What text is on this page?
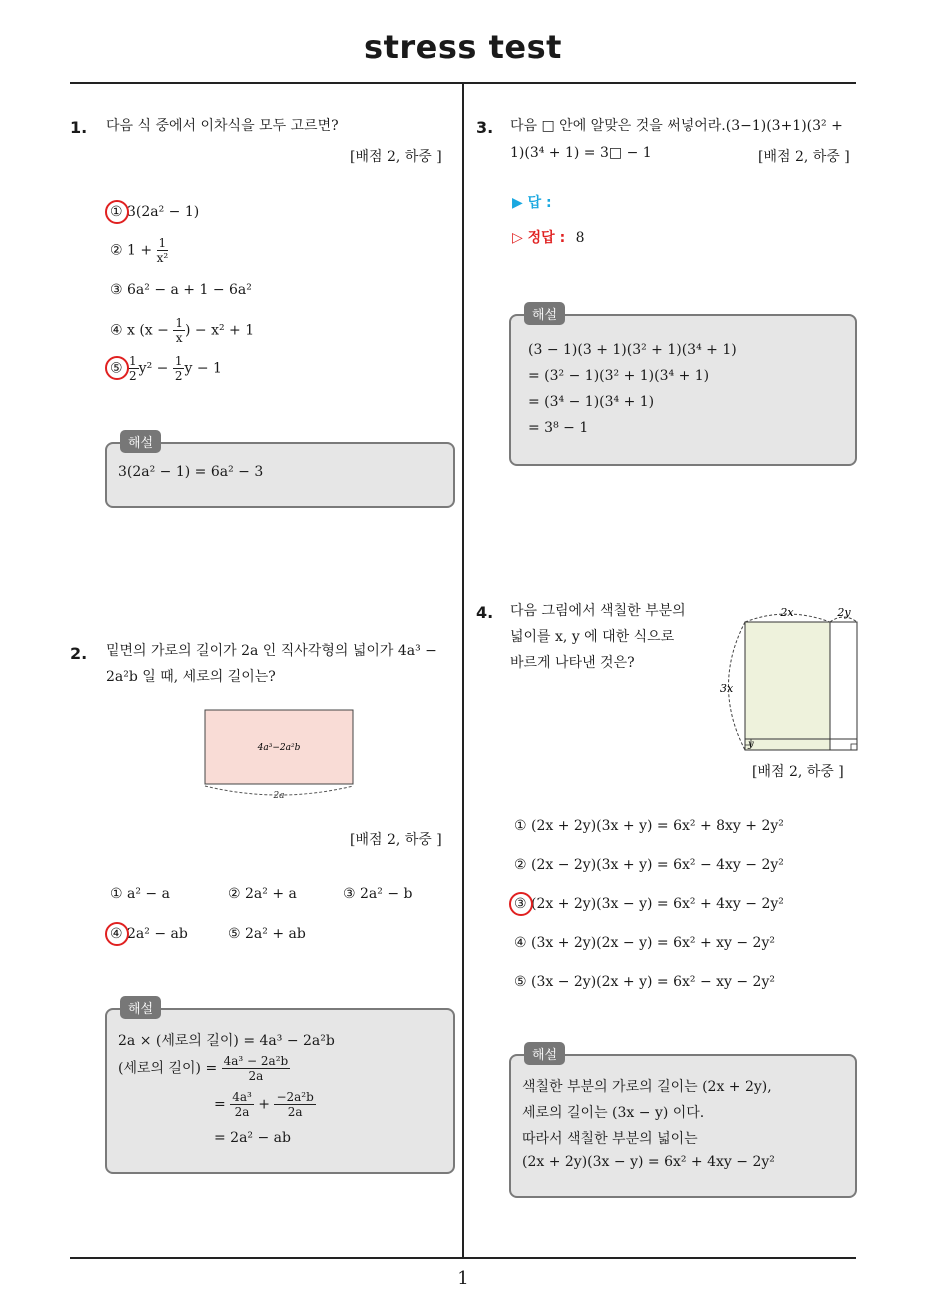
stress test
1
1. 다음 식 중에서 이차식을 모두 고르면?
[배점 2, 하중 ]
① 3(2a² − 1)
② $1 + \frac{1}{\text{x²}}$
③ 6a² − a + 1 − 6a²
④ x ($x - \frac{1}{x}$ ) − x² + 1
⑤ $\frac{1}{2} y^2 - \frac{1}{2}$ y − 1
해설
3(2a² − 1) = 6a² − 3
2. 밑면의 가로의 길이가 2a 인 직사각형의 넓이가 4a³ −
2a²b 일 때, 세로의 길이는?
4a³−2a²b
2a
[배점 2, 하중 ]
① a² − a	② 2a² + a	③ 2a² − b
④ 2a² − ab	⑤ 2a² + ab
해설
2a × (세로의 길이) = 4a³ − 2a²b
(세로의 길이) = $\frac{\text{4a³ − 2a²b}}{2a}$
= $\frac{\text{4a³}}{2a} + \frac{\text{−2a²b}}{2a}$
= 2a² − ab
3. 다음 □ 안에 알맞은 것을 써넣어라.(3−1)(3+1)(3² +
1)(3⁴ + 1) = 3□ − 1	[배점 2, 하중 ]
▶ 답 :
▷ 정답 : 8
해설
(3 − 1)(3 + 1)(3² + 1)(3⁴ + 1)
= (3² − 1)(3² + 1)(3⁴ + 1)
= (3⁴ − 1)(3⁴ + 1)
= 3⁸ − 1
4. 다음 그림에서 색칠한 부분의
넓이를 x, y 에 대한 식으로
바르게 나타낸 것은?
2x	2y
3x
y
[배점 2, 하중 ]
① (2x + 2y)(3x + y) = 6x² + 8xy + 2y²
② (2x − 2y)(3x + y) = 6x² − 4xy − 2y²
③ (2x + 2y)(3x − y) = 6x² + 4xy − 2y²
④ (3x + 2y)(2x − y) = 6x² + xy − 2y²
⑤ (3x − 2y)(2x + y) = 6x² − xy − 2y²
해설
색칠한 부분의 가로의 길이는 (2x + 2y),
세로의 길이는 (3x − y) 이다.
따라서 색칠한 부분의 넓이는
(2x + 2y)(3x − y) = 6x² + 4xy − 2y²
